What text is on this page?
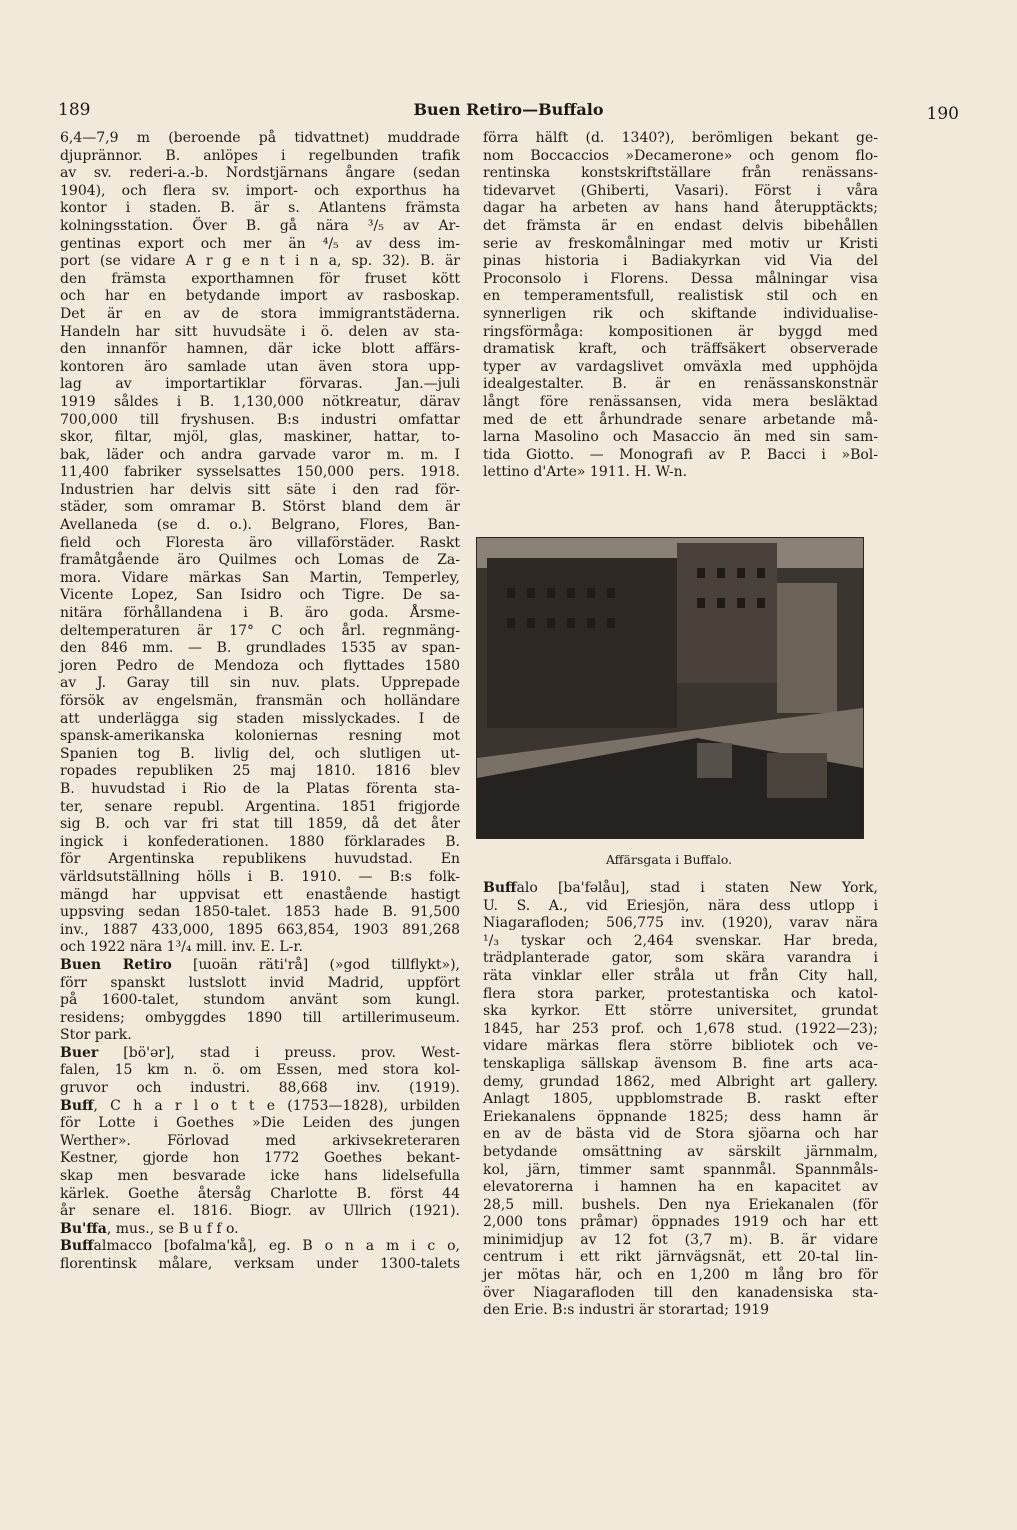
189	Buen Retiro—Buffalo	190
6,4—7,9 m (beroende på tidvattnet) muddrade
djuprännor. B. anlöpes i regelbunden trafik
av sv. rederi-a.-b. Nordstjärnans ångare (sedan
1904), och flera sv. import- och exporthus ha
kontor i staden. B. är s. Atlantens främsta
kolningsstation. Över B. gå nära ³/₅ av Ar-
gentinas export och mer än ⁴/₅ av dess im-
port (se vidare A r g e n t i n a, sp. 32). B. är
den främsta exporthamnen för fruset kött
och har en betydande import av rasboskap.
Det är en av de stora immigrantstäderna.
Handeln har sitt huvudsäte i ö. delen av sta-
den innanför hamnen, där icke blott affärs-
kontoren äro samlade utan även stora upp-
lag av importartiklar förvaras. Jan.—juli
1919 såldes i B. 1,130,000 nötkreatur, därav
700,000 till fryshusen. B:s industri omfattar
skor, filtar, mjöl, glas, maskiner, hattar, to-
bak, läder och andra garvade varor m. m. I
11,400 fabriker sysselsattes 150,000 pers. 1918.
Industrien har delvis sitt säte i den rad för-
städer, som omramar B. Störst bland dem är
Avellaneda (se d. o.). Belgrano, Flores, Ban-
field och Floresta äro villaförstäder. Raskt
framåtgående äro Quilmes och Lomas de Za-
mora. Vidare märkas San Martin, Temperley,
Vicente Lopez, San Isidro och Tigre. De sa-
nitära förhållandena i B. äro goda. Årsme-
deltemperaturen är 17° C och årl. regnmäng-
den 846 mm. — B. grundlades 1535 av span-
joren Pedro de Mendoza och flyttades 1580
av J. Garay till sin nuv. plats. Upprepade
försök av engelsmän, fransmän och holländare
att underlägga sig staden misslyckades. I de
spansk-amerikanska koloniernas resning mot
Spanien tog B. livlig del, och slutligen ut-
ropades republiken 25 maj 1810. 1816 blev
B. huvudstad i Rio de la Platas förenta sta-
ter, senare republ. Argentina. 1851 frigjorde
sig B. och var fri stat till 1859, då det åter
ingick i konfederationen. 1880 förklarades B.
för Argentinska republikens huvudstad. En
världsutställning hölls i B. 1910. — B:s folk-
mängd har uppvisat ett enastående hastigt
uppsving sedan 1850-talet. 1853 hade B. 91,500
inv., 1887 433,000, 1895 663,854, 1903 891,268
och 1922 nära 1³/₄ mill. inv. E. L-r.
Buen Retiro [ɯoän räti'rå] (»god tillflykt»),
förr spanskt lustslott invid Madrid, uppfört
på 1600-talet, stundom använt som kungl.
residens; ombyggdes 1890 till artillerimuseum.
Stor park.
Buer [bö'ər], stad i preuss. prov. West-
falen, 15 km n. ö. om Essen, med stora kol-
gruvor och industri. 88,668 inv. (1919).
Buff, C h a r l o t t e (1753—1828), urbilden
för Lotte i Goethes »Die Leiden des jungen
Werther». Förlovad med arkivsekreteraren
Kestner, gjorde hon 1772 Goethes bekant-
skap men besvarade icke hans lidelsefulla
kärlek. Goethe återsåg Charlotte B. först 44
år senare el. 1816. Biogr. av Ullrich (1921).
Bu'ffa, mus., se B u f f o.
Buffalmacco [bofalma'kå], eg. B o n a m i c o,
florentinsk målare, verksam under 1300-talets
förra hälft (d. 1340?), berömligen bekant ge-
nom Boccaccios »Decamerone» och genom flo-
rentinska konstskriftställare från renässans-
tidevarvet (Ghiberti, Vasari). Först i våra
dagar ha arbeten av hans hand återupptäckts;
det främsta är en endast delvis bibehållen
serie av freskomålningar med motiv ur Kristi
pinas historia i Badiakyrkan vid Via del
Proconsolo i Florens. Dessa målningar visa
en temperamentsfull, realistisk stil och en
synnerligen rik och skiftande individualise-
ringsförmåga: kompositionen är byggd med
dramatisk kraft, och träffsäkert observerade
typer av vardagslivet omväxla med upphöjda
idealgestalter. B. är en renässanskonstnär
långt före renässansen, vida mera besläktad
med de ett århundrade senare arbetande må-
larna Masolino och Masaccio än med sin sam-
tida Giotto. — Monografi av P. Bacci i »Bol-
lettino d'Arte» 1911. H. W-n.
Affärsgata i Buffalo.
Buffalo [ba'fəlåu], stad i staten New York,
U. S. A., vid Eriesjön, nära dess utlopp i
Niagarafloden; 506,775 inv. (1920), varav nära
¹/₃ tyskar och 2,464 svenskar. Har breda,
trädplanterade gator, som skära varandra i
räta vinklar eller stråla ut från City hall,
flera stora parker, protestantiska och katol-
ska kyrkor. Ett större universitet, grundat
1845, har 253 prof. och 1,678 stud. (1922—23);
vidare märkas flera större bibliotek och ve-
tenskapliga sällskap ävensom B. fine arts aca-
demy, grundad 1862, med Albright art gallery.
Anlagt 1805, uppblomstrade B. raskt efter
Eriekanalens öppnande 1825; dess hamn är
en av de bästa vid de Stora sjöarna och har
betydande omsättning av särskilt järnmalm,
kol, järn, timmer samt spannmål. Spannmåls-
elevatorerna i hamnen ha en kapacitet av
28,5 mill. bushels. Den nya Eriekanalen (för
2,000 tons pråmar) öppnades 1919 och har ett
minimidjup av 12 fot (3,7 m). B. är vidare
centrum i ett rikt järnvägsnät, ett 20-tal lin-
jer mötas här, och en 1,200 m lång bro för
över Niagarafloden till den kanadensiska sta-
den Erie. B:s industri är storartad; 1919
